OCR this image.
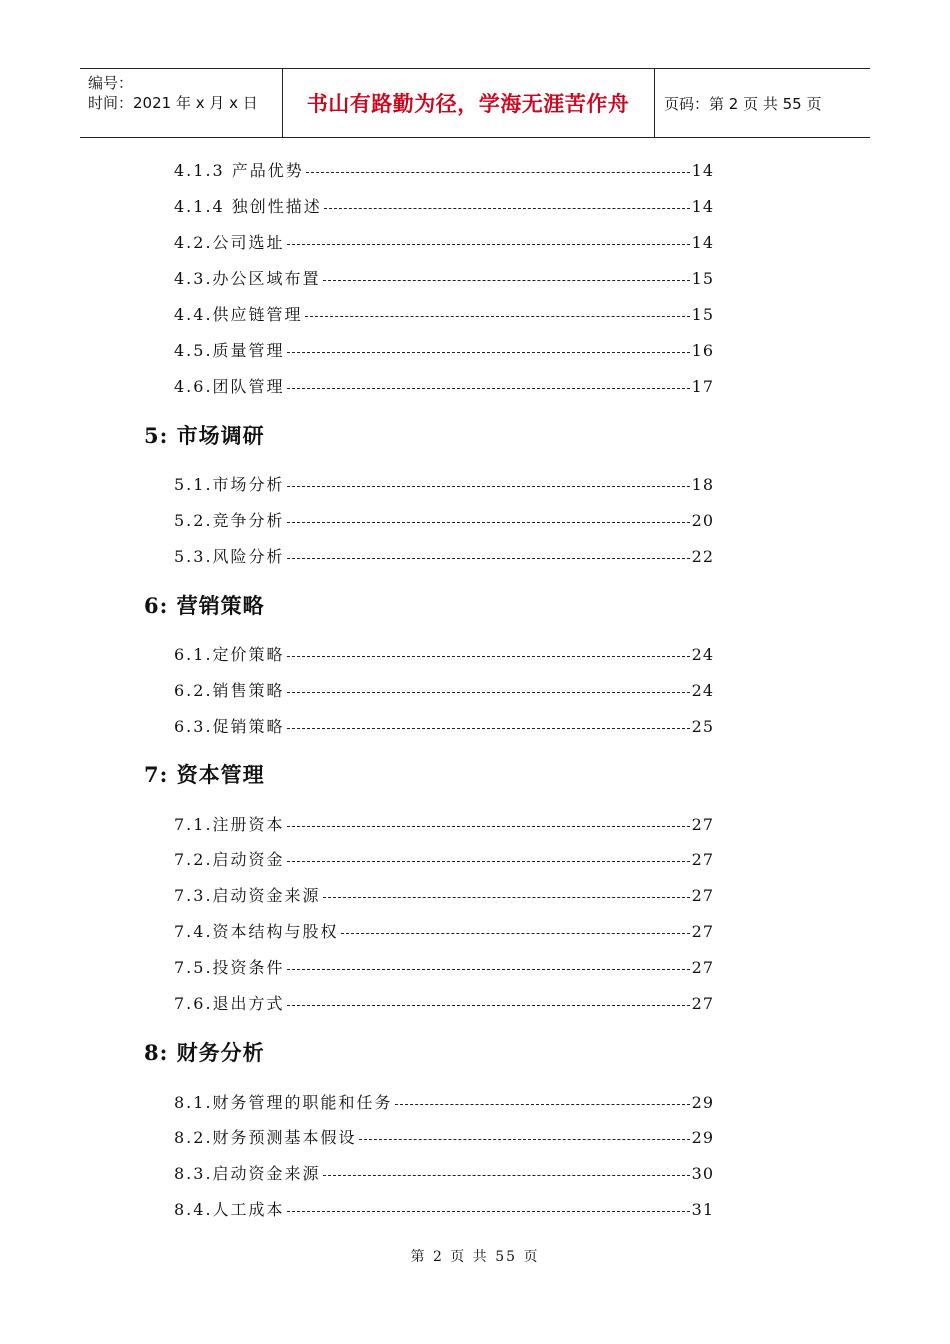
编号：
时间：2021 年 x 月 x 日	书山有路勤为径，学海无涯苦作舟	页码：第 2 页 共 55 页
4.1.3 产品优势	14
4.1.4 独创性描述	14
4.2.公司选址	14
4.3.办公区域布置	15
4.4.供应链管理	15
4.5.质量管理	16
4.6.团队管理	17
5: 市场调研
5.1.市场分析	18
5.2.竞争分析	20
5.3.风险分析	22
6: 营销策略
6.1.定价策略	24
6.2.销售策略	24
6.3.促销策略	25
7: 资本管理
7.1.注册资本	27
7.2.启动资金	27
7.3.启动资金来源	27
7.4.资本结构与股权	27
7.5.投资条件	27
7.6.退出方式	27
8: 财务分析
8.1.财务管理的职能和任务	29
8.2.财务预测基本假设	29
8.3.启动资金来源	30
8.4.人工成本	31
第 2 页 共 55 页
